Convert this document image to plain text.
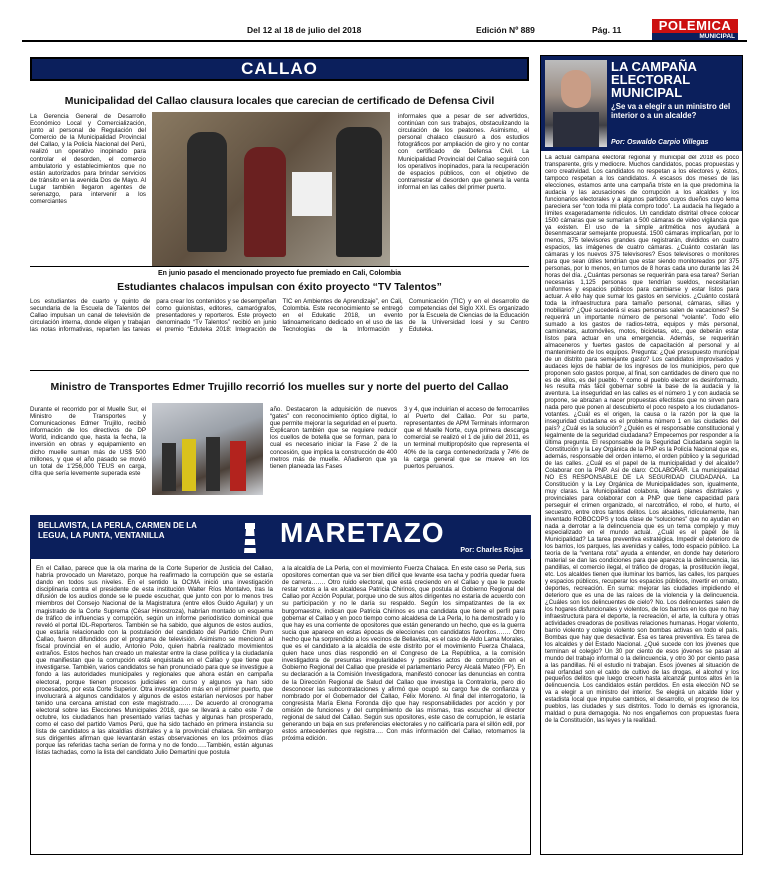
Del 12 al 18 de julio del 2018	Edición Nº 889	Pág. 11	POLEMICA
MUNICIPAL
CALLAO
Municipalidad del Callao clausura locales que carecian de certificado de Defensa Civil
La Gerencia General de Desarrollo Económico Local y Comercialización, junto al personal de Regulación del Comercio de la Municipalidad Provincial del Callao, y la Policía Nacional del Perú, realizó un operativo inopinado para controlar el desorden, el comercio ambulatorio y establecimientos que no están autorizados para brindar servicios de tránsito en la avenida Dos de Mayo. Al Lugar también llegaron agentes de serenazgo, para intervenir a los comerciantes
informales que a pesar de ser advertidos, continúan con sus trabajos, obstaculizando la circulación de los peatones. Asimismo, el personal chalaco clausuró a dos estudios fotográficos por ampliación de giro y no contar con certificado de Defensa Civil. La Municipalidad Provincial del Callao seguirá con los operativos inopinados, para la recuperación de espacios públicos, con el objetivo de contrarrestar el desorden que genera la venta informal en las calles del primer puerto.
En junio pasado el mencionado proyecto fue premiado en Cali, Colombia
Estudiantes chalacos impulsan con éxito proyecto “TV Talentos”
Los estudiantes de cuarto y quinto de secundaria de la Escuela de Talentos del Callao impulsan un canal de televisión de circulación interna, donde eligen y trabajan las notas informativas, reparten las tareas para crear los contenidos y se desempeñan como guionistas, editores, camarógrafos, presentadores y reporteros. Este proyecto denominado “Tv Talentos” recibió en junio el premio “Eduteka 2018: Integración de TIC en Ambientes de Aprendizaje”, en Cali, Colombia. Este reconocimiento se entregó en el Edukatic 2018, un evento latinoamericano dedicado en el uso de las Tecnologías de la Información y Comunicación (TIC) y en el desarrollo de competencias del Siglo XXI. Es organizado por la Escuela de Ciencias de la Educación de la Universidad Icesi y su Centro Eduteka.
Ministro de Transportes Edmer Trujillo recorrió los muelles sur y norte del puerto del Callao
Durante el recorrido por el Muelle Sur, el Ministro de Transportes y Comunicaciones Edmer Trujillo, recibió información de los directivos de DP World, indicando que, hasta la fecha, la inversión en obras y equipamiento en dicho muelle suman más de US$ 500 millones, y que el año pasado se movió un total de 1'256,000 TEUS en carga, cifra que sería levemente superada este
año. Destacaron la adquisición de nuevos “gates” con reconocimiento óptico digital, lo que permite mejorar la seguridad en el puerto. Explicaron también que se requiere reducir los cuellos de botella que se forman, para lo cual es necesario iniciar la Fase 2 de la concesión, que implica la construcción de 400 metros más de muelle. Añadieron que ya tienen planeada las Fases
3 y 4, que incluirían el acceso de ferrocarriles al Puerto del Callao. Por su parte, representantes de APM Terminals informaron que el Muelle Norte, cuya primera descarga comercial se realizó el 1 de julio del 2011, es un terminal multipropósito que representa el 40% de la carga contenedorizada y 74% de la carga general que se mueve en los puertos peruanos.
BELLAVISTA, LA PERLA, CARMEN DE LA LEGUA, LA PUNTA, VENTANILLA	MARETAZO
Por: Charles Rojas
En el Callao, parece que la ola marina de la Corte Superior de Justicia del Callao, habría provocado un Maretazo, porque ha reafirmado la corrupción que se estaría dando en todos sus niveles. En el sentido la OCMA inició una investigación disciplinaria contra el presidente de esta institución Walter Ríos Montalvo, tras la difusión de los audios donde se le puede escuchar, que junto con por lo menos tres miembros del Consejo Nacional de la Magistratura (entre ellos Guido Aguilar) y un magistrado de la Corte Suprema (César Hinostroza), habrían montado un esquema de tráfico de influencias y corrupción, según un informe periodístico dominical que reveló el portal IDL-Reporteros. También se ha sabido, que algunos de estos audios, que estaría relacionado con la postulación del candidato del Partido Chim Pum Callao, fueron difundidos por el programa de televisión. Asimismo se mencionó al fiscal provincial en el audio, Antonio Polo, quien habría realizado movimientos extraños. Estos hechos han creado un malestar entre la clase política y la ciudadanía que manifiestan que la corrupción está enquistada en el Callao y que tiene que investigarse. También, varios candidatos se han pronunciado para que se investigue a fondo a las autoridades municipales y regionales que ahora están en campaña electoral, porque tienen procesos judiciales en curso y algunos ya han sido procesados, por esta Corte Superior. Otra investigación más en el primer puerto, que involucrará a algunos candidatos y algunos de estos estarían nerviosos por haber tenido una cercana amistad con este magistrado……. De acuerdo al cronograma electoral sobre las Elecciones Municipales 2018, que se llevará a cabo este 7 de octubre, los ciudadanos han presentado varias tachas y algunas han prosperado, como el caso del partido Vamos Perú, que ha sido tachado en primera instancia su lista de candidatos a las alcaldías distritales y a la provincial chalaca. Sin embargo sus dirigentes afirman que levantarán estas observaciones en los próximos días porque las referidas tacha serían de forma y no de fondo…..También, están algunas listas tachadas, como la lista del candidato Julio Demartini que postula
a la alcaldía de La Perla, con el movimiento Fuerza Chalaca. En este caso se Perla, sus opositores comentan que va ser bien difícil que levante esa tacha y podría quedar fuera de carrera……. Otro ruido electoral, que está creciendo en el Callao y que le puede restar votos a la ex alcaldesa Patricia Chirinos, que postula al Gobierno Regional del Callao por Acción Popular, porque uno de sus altos dirigentes no estaría de acuerdo con su participación y no le daría su respaldo. Según los simpatizantes de la ex burgomaestre, indican que Patricia Chirinos es una candidata que tiene el perfil para gobernar el Callao y en poco tiempo como alcaldesa de La Perla, lo ha demostrado y lo que hay es una corriente de opositores que están generando un hecho, que es la guerra sucia que aparece en estas épocas de elecciones con candidatos favoritos……. Otro hecho que ha sorprendido a los vecinos de Bellavista, es el caso de Aldo Lama Morales, que es el candidato a la alcaldía de este distrito por el movimiento Fuerza Chalaca, quien hace unos días respondió en el Congreso de La República, a la comisión investigadora de presuntas irregularidades y posibles actos de corrupción en el Gobierno Regional del Callao que preside el parlamentario Percy Alcalá Mateo (FP). En su declaración a la Comisión Investigadora, manifestó conocer las denuncias en contra de la Dirección Regional de Salud del Callao que investiga la Contraloría, pero dio desconocer las subcontrataciones y afirmó que ocupó su cargo fue de confianza y nombrado por el Gobernador del Callao, Félix Moreno. Al final del interrogatorio, la congresista María Elena Foronda dijo que hay responsabilidades por acción y por omisión de funciones y del cumplimiento de las mismas, tras escuchar al director regional de salud del Callao. Según sus opositores, este caso de corrupción, le estaría generando un baja en sus preferencias electorales y no calificaría para el sillón edil, por estos antecedentes que registra…. Con más información del Callao, retomamos la próxima edición.
LA CAMPAÑA ELECTORAL MUNICIPAL
¿Se va a elegir a un ministro del interior o a un alcalde?
Por: Oswaldo Carpio Villegas
La actual campaña electoral regional y municipal del 2018 es poco transparente, gris y mediocre. Muchos candidatos, pocas propuestas y cero creatividad. Los candidatos no respetan a los electores y, éstos, tampoco respetan a los candidatos. A escasos dos meses de las elecciones, estamos ante una campaña triste en la que predomina la audacia y las acusaciones de corrupción a los alcaldes y los funcionarios electorales y a algunos partidos cuyos dueños cuyo lema pareciera ser “con toda mi plata compro todo”. La audacia ha llegado a límites exageradamente ridículos. Un candidato distrital ofrece colocar 1500 cámaras que se sumarían a 500 cámaras de video vigilancia que ya existen. El uso de la simple aritmética nos ayudará a desenmascarar semejante propuesta. 1500 cámaras implicarían, por lo menos, 375 televisores grandes que registrarán, divididos en cuatro espacios, las imágenes de cuatro cámaras. ¿Cuánto costarán las cámaras y los nuevos 375 televisores? Esos televisores o monitores para que sean útiles tendrían que estar siendo monitoreados por 375 personas, por lo menos, en turnos de 8 horas cada uno durante las 24 horas del día. ¿Cuántas personas se requerirán para esa tarea? Serían necesarias 1,125 personas que tendrían sueldos, necesitarían uniformes y espacios públicos para cambiarse y estar listos para actuar. A ello hay que sumar los gastos en servicios. ¿Cuánto costará toda la infraestructura para tamaño personal, cámaras, sillas y mobiliario? ¿Qué sucederá si esas personas salen de vacaciones? Se requerirá un importante número de personal “volante”. Todo ello sumado a los gastos de radios-tetra, equipos y más personal, camionetas, automóviles, motos, bicicletas, etc., que deberán estar listos para actuar en una emergencia. Además, se requerirán almaceneros y fuertes gastos de capacitación al personal y al mantenimiento de los equipos. Pregunta: ¿Qué presupuesto municipal de un distrito para semejante gasto? Los candidatos improvisados y audaces lejos de hablar de los ingresos de los municipios, pero que proponen solo gastos porque, al final, son cantidades de dinero que no es de ellos, es del pueblo. Y como el pueblo elector es desinformado, les resulta más fácil gobernar sobre la base de la audacia y la aventura. La inseguridad en las calles es el número 1 y con audacia se propone, se abrazan a nacer propuestas efectistas que no sirven para nada pero que ponen al descubierto el poco respeto a los ciudadanos-votantes. ¿Cuál es el origen, la causa o la razón por la que la inseguridad ciudadana es el problema número 1 en las ciudades del país? ¿Cuál es la solución? ¿Quién es el responsable constitucional y legalmente de la seguridad ciudadana? Empecemos por responder a la última pregunta. El responsable de la Seguridad Ciudadana según la Constitución y la Ley Orgánica de la PNP es la Policía Nacional que es, además, responsable del orden interno, el orden público y la seguridad de las calles. ¿Cuál es el papel de la municipalidad y del alcalde? Colaborar con la PNP. Así de claro: COLABORAR. La municipalidad NO ES RESPONSABLE DE LA SEGURIDAD CIUDADANA. La Constitución y la Ley Orgánica de Municipalidades son, igualmente, muy claras. La Municipalidad colabora, ideará planes distritales y provinciales para colaborar con a PNP que tiene capacidad para perseguir el crimen organizado, el narcotráfico, el robo, el hurto, el secuestro, entre otros tantos delitos. Los alcaldes, ridículamente, han inventado ROBOCOPS y toda clase de “soluciones” que no ayudan en nada a derrotar a la delincuencia que es un tema complejo y muy especializado en el mundo actual. ¿Cuál es el papel de la Municipalidad? La tarea preventiva estratégica. Impedir el deterioro de los barrios, los parques, las avenidas y calles, todo espacio público. La teoría de la “ventana rota” ayuda a entender, en donde hay deterioro material se dan las condiciones para que aparezca la delincuencia, las pandillas, el comercio ilegal, el tráfico de drogas, la prostitución ilegal, etc. Los alcaldes tienen que iluminar los barrios, las calles, los parques y espacios públicos, recuperar los espacios públicos, invertir en ornato, deportes, recreación. En suma: mejorar las ciudades impidiendo el deterioro que es una de las raíces de la violencia y la delincuencia. ¿Cuáles son los delincuentes de cielo? No. Los delincuentes salen de los hogares disfuncionales y violentos, de los barrios en los que no hay infraestructura para el deporte, la recreación, el arte, la cultura y otras actividades creadoras de positivas relaciones humanas. Hogar violento, barrio violento y colegio violento son bombas activas en todo el país. Bombas que hay que desactivar. Ésa es tarea preventiva. Es tarea de los alcaldes y del Estado Nacional. ¿Qué sucede con los jóvenes que terminan el colegio? Un 30 por ciento de esos jóvenes se pasan al mundo del trabajo informal o la delincuencia, y otro 30 por ciento pasa a las pandillas. Ni el estudio ni trabajan. Esos jóvenes al situación de real orfandad son el caldo de cultivo de las drogas, el alcohol y los pequeños delitos que luego crecen hasta alcanzar puntos altos en la delincuencia. Los candidatos están perdidos. En esta elección NO se va a elegir a un ministro del interior. Se elegirá un alcalde líder y estadista local que impulse cambios, el desarrollo, el progreso de los pueblos, las ciudades y sus distritos. Todo lo demás es ignorancia, maldad o pura demagogia. No nos engañemos con propuestas fuera de la Constitución, las leyes y la realidad.
